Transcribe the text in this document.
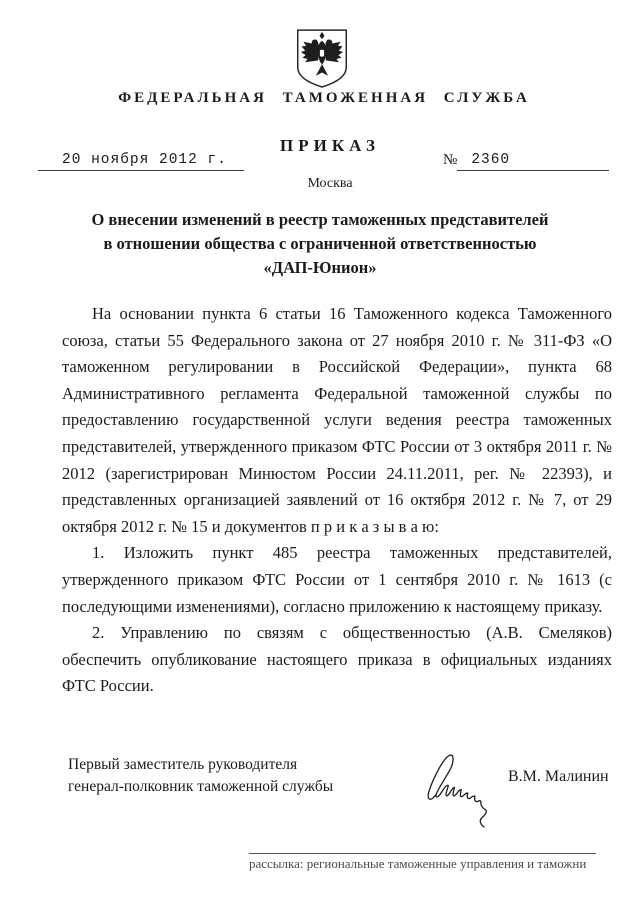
ФЕДЕРАЛЬНАЯ ТАМОЖЕННАЯ СЛУЖБА
ПРИКАЗ
20 ноября 2012 г.	№ 2360
Москва
О внесении изменений в реестр таможенных представителей
в отношении общества с ограниченной ответственностью
«ДАП-Юнион»

На основании пункта 6 статьи 16 Таможенного кодекса Таможенного союза, статьи 55 Федерального закона от 27 ноября 2010 г. № 311-ФЗ «О таможенном регулировании в Российской Федерации», пункта 68 Административного регламента Федеральной таможенной службы по предоставлению государственной услуги ведения реестра таможенных представителей, утвержденного приказом ФТС России от 3 октября 2011 г. № 2012 (зарегистрирован Минюстом России 24.11.2011, рег. № 22393), и представленных организацией заявлений от 16 октября 2012 г. № 7, от 29 октября 2012 г. № 15 и документов п р и к а з ы в а ю:

1. Изложить пункт 485 реестра таможенных представителей, утвержденного приказом ФТС России от 1 сентября 2010 г. № 1613 (с последующими изменениями), согласно приложению к настоящему приказу.

2. Управлению по связям с общественностью (А.В. Смеляков) обеспечить опубликование настоящего приказа в официальных изданиях ФТС России.

Первый заместитель руководителя
генерал-полковник таможенной службы
В.М. Малинин
рассылка: региональные таможенные управления и таможни
